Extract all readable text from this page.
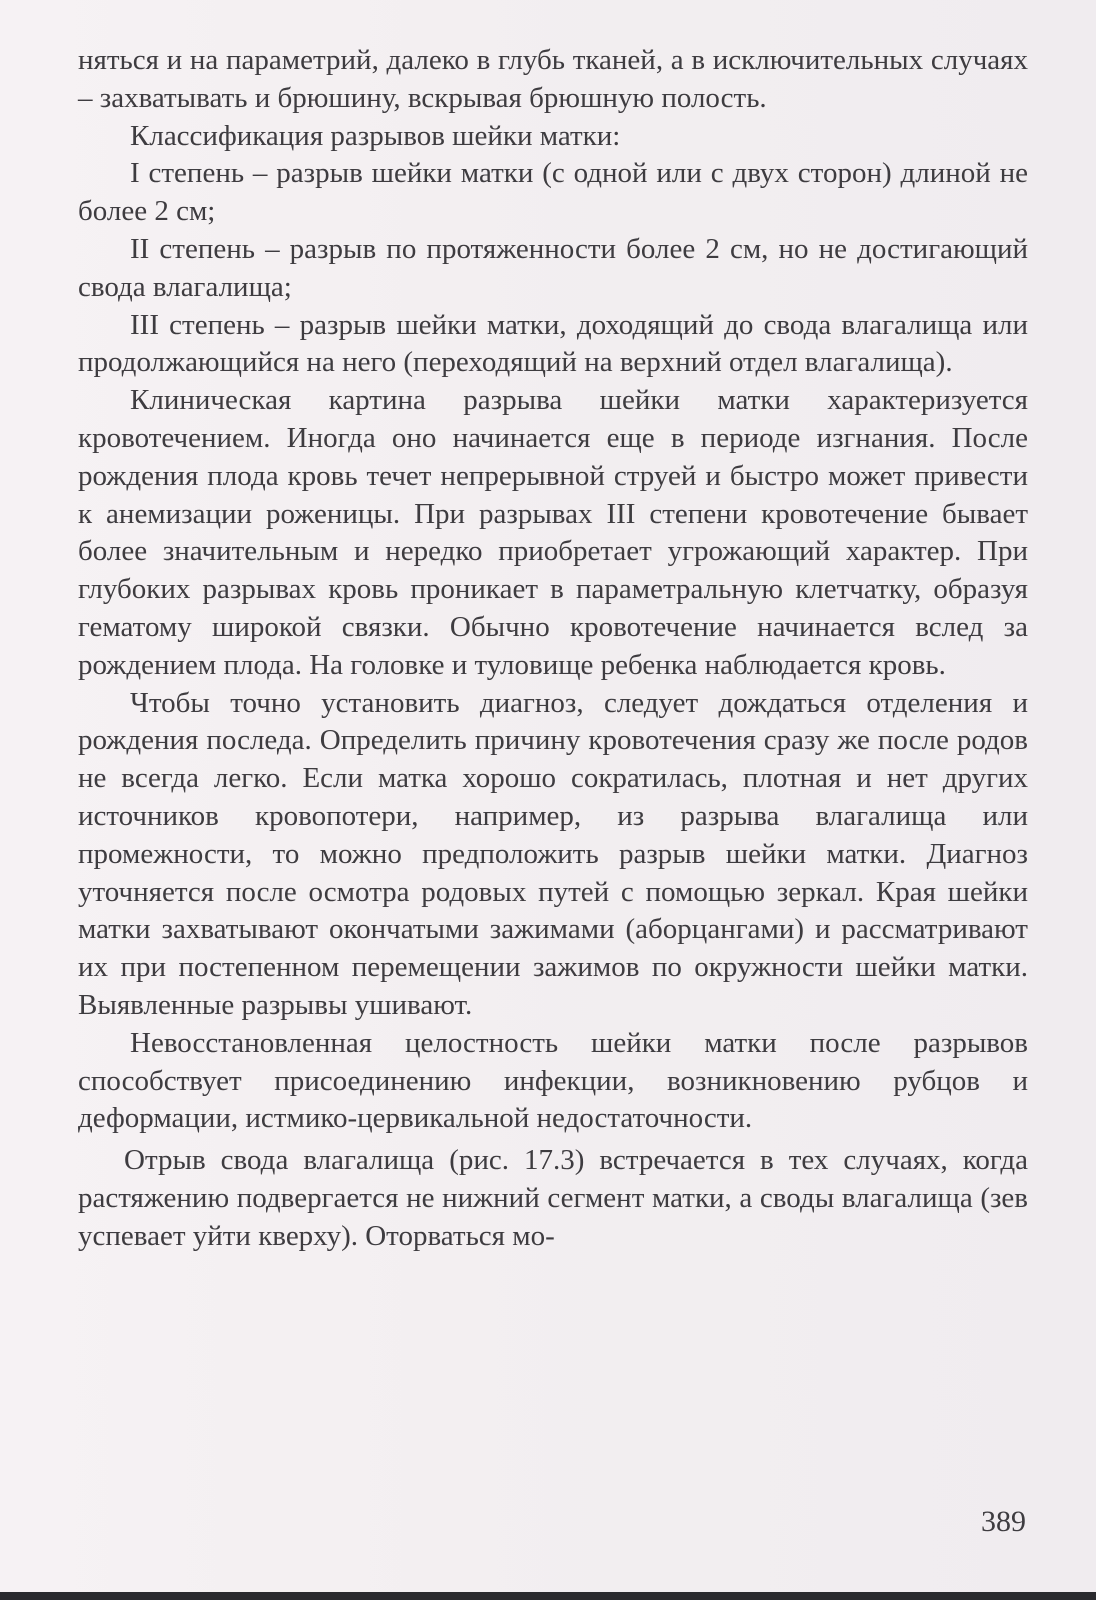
няться и на параметрий, далеко в глубь тканей, а в исключительных случаях – захватывать и брюшину, вскрывая брюшную полость.

Классификация разрывов шейки матки:

I степень – разрыв шейки матки (с одной или с двух сторон) длиной не более 2 см;

II степень – разрыв по протяженности более 2 см, но не достигающий свода влагалища;

III степень – разрыв шейки матки, доходящий до свода влагалища или продолжающийся на него (переходящий на верхний отдел влагалища).

Клиническая картина разрыва шейки матки характеризуется кровотечением. Иногда оно начинается еще в периоде изгнания. После рождения плода кровь течет непрерывной струей и быстро может привести к анемизации роженицы. При разрывах III степени кровотечение бывает более значительным и нередко приобретает угрожающий характер. При глубоких разрывах кровь проникает в параметральную клетчатку, образуя гематому широкой связки. Обычно кровотечение начинается вслед за рождением плода. На головке и туловище ребенка наблюдается кровь.

Чтобы точно установить диагноз, следует дождаться отделения и рождения последа. Определить причину кровотечения сразу же после родов не всегда легко. Если матка хорошо сократилась, плотная и нет других источников кровопотери, например, из разрыва влагалища или промежности, то можно предположить разрыв шейки матки. Диагноз уточняется после осмотра родовых путей с помощью зеркал. Края шейки матки захватывают окончатыми зажимами (аборцангами) и рассматривают их при постепенном перемещении зажимов по окружности шейки матки. Выявленные разрывы ушивают.

Невосстановленная целостность шейки матки после разрывов способствует присоединению инфекции, возникновению рубцов и деформации, истмико-цервикальной недостаточности.

Отрыв свода влагалища (рис. 17.3) встречается в тех случаях, когда растяжению подвергается не нижний сегмент матки, а своды влагалища (зев успевает уйти кверху). Оторваться мо-

389
